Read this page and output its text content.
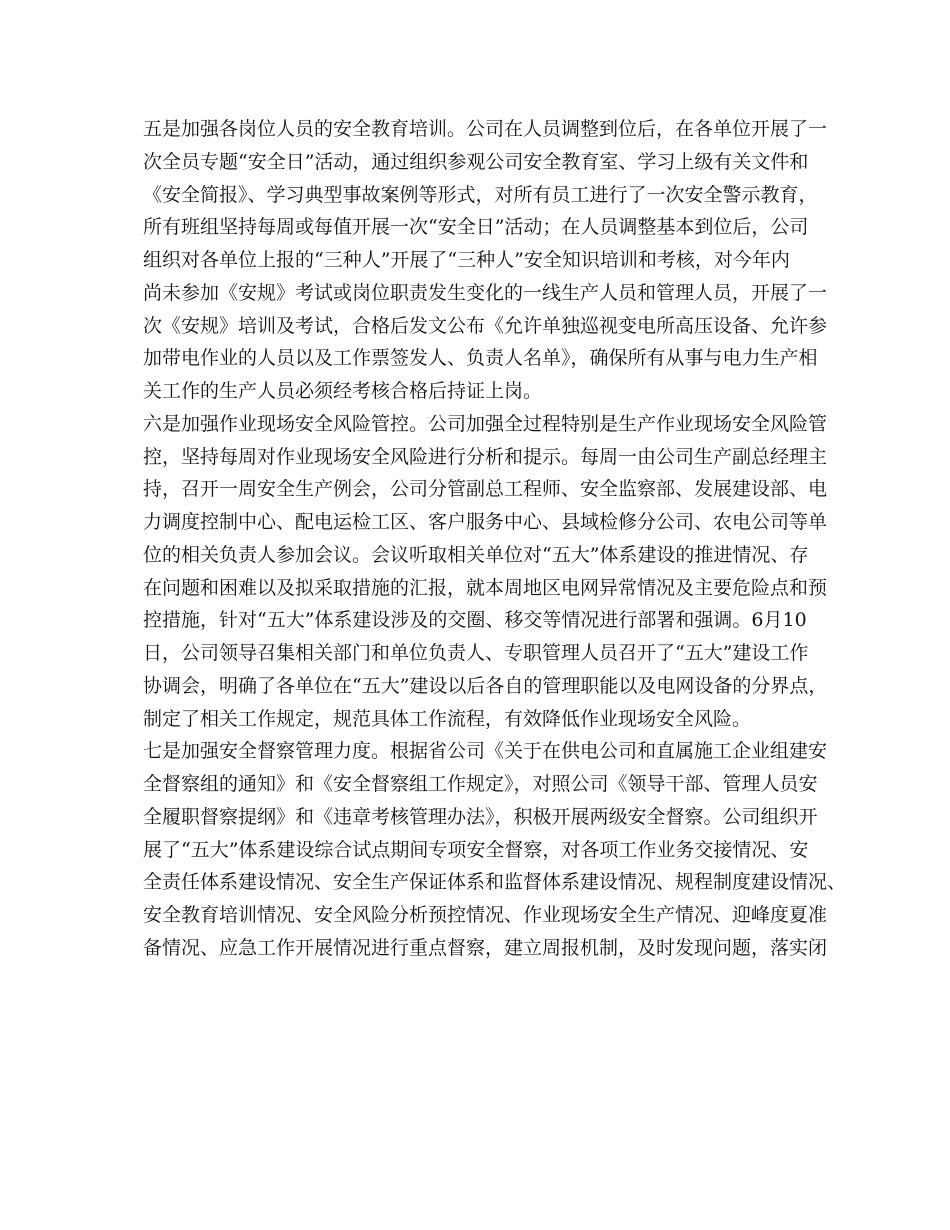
五是加强各岗位人员的安全教育培训。公司在人员调整到位后，在各单位开展了一
次全员专题“安全日”活动，通过组织参观公司安全教育室、学习上级有关文件和
《安全简报》、学习典型事故案例等形式，对所有员工进行了一次安全警示教育，
所有班组坚持每周或每值开展一次“安全日”活动；在人员调整基本到位后，公司
组织对各单位上报的“三种人”开展了“三种人”安全知识培训和考核，对今年内
尚未参加《安规》考试或岗位职责发生变化的一线生产人员和管理人员，开展了一
次《安规》培训及考试，合格后发文公布《允许单独巡视变电所高压设备、允许参
加带电作业的人员以及工作票签发人、负责人名单》，确保所有从事与电力生产相
关工作的生产人员必须经考核合格后持证上岗。
六是加强作业现场安全风险管控。公司加强全过程特别是生产作业现场安全风险管
控，坚持每周对作业现场安全风险进行分析和提示。每周一由公司生产副总经理主
持，召开一周安全生产例会，公司分管副总工程师、安全监察部、发展建设部、电
力调度控制中心、配电运检工区、客户服务中心、县域检修分公司、农电公司等单
位的相关负责人参加会议。会议听取相关单位对“五大”体系建设的推进情况、存
在问题和困难以及拟采取措施的汇报，就本周地区电网异常情况及主要危险点和预
控措施，针对“五大”体系建设涉及的交圈、移交等情况进行部署和强调。6月10
日，公司领导召集相关部门和单位负责人、专职管理人员召开了“五大”建设工作
协调会，明确了各单位在“五大”建设以后各自的管理职能以及电网设备的分界点，
制定了相关工作规定，规范具体工作流程，有效降低作业现场安全风险。
七是加强安全督察管理力度。根据省公司《关于在供电公司和直属施工企业组建安
全督察组的通知》和《安全督察组工作规定》，对照公司《领导干部、管理人员安
全履职督察提纲》和《违章考核管理办法》，积极开展两级安全督察。公司组织开
展了“五大”体系建设综合试点期间专项安全督察，对各项工作业务交接情况、安
全责任体系建设情况、安全生产保证体系和监督体系建设情况、规程制度建设情况、
安全教育培训情况、安全风险分析预控情况、作业现场安全生产情况、迎峰度夏准
备情况、应急工作开展情况进行重点督察，建立周报机制，及时发现问题，落实闭
